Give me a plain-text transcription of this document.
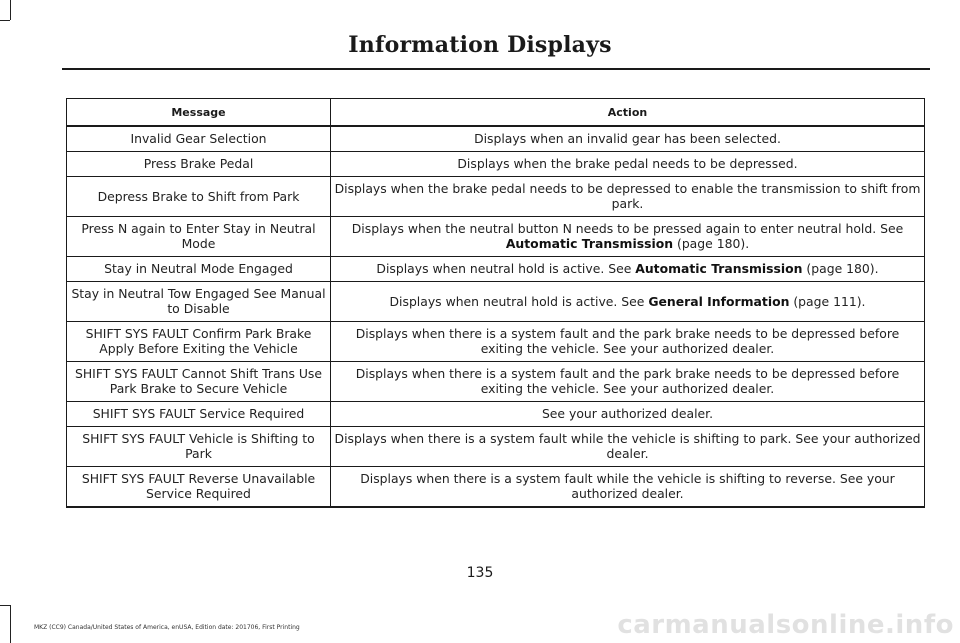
Information Displays
Message	Action
Invalid Gear Selection	Displays when an invalid gear has been selected.
Press Brake Pedal	Displays when the brake pedal needs to be depressed.
Depress Brake to Shift from Park	Displays when the brake pedal needs to be depressed to enable the transmission to shift from park.
Press N again to Enter Stay in Neutral Mode	Displays when the neutral button N needs to be pressed again to enter neutral hold. See Automatic Transmission (page 180).
Stay in Neutral Mode Engaged	Displays when neutral hold is active. See Automatic Transmission (page 180).
Stay in Neutral Tow Engaged See Manual to Disable	Displays when neutral hold is active. See General Information (page 111).
SHIFT SYS FAULT Confirm Park Brake Apply Before Exiting the Vehicle	Displays when there is a system fault and the park brake needs to be depressed before exiting the vehicle. See your authorized dealer.
SHIFT SYS FAULT Cannot Shift Trans Use Park Brake to Secure Vehicle	Displays when there is a system fault and the park brake needs to be depressed before exiting the vehicle. See your authorized dealer.
SHIFT SYS FAULT Service Required	See your authorized dealer.
SHIFT SYS FAULT Vehicle is Shifting to Park	Displays when there is a system fault while the vehicle is shifting to park. See your authorized dealer.
SHIFT SYS FAULT Reverse Unavailable Service Required	Displays when there is a system fault while the vehicle is shifting to reverse. See your authorized dealer.
135
MKZ (CC9) Canada/United States of America, enUSA, Edition date: 201706, First Printing	carmanualsonline.info
